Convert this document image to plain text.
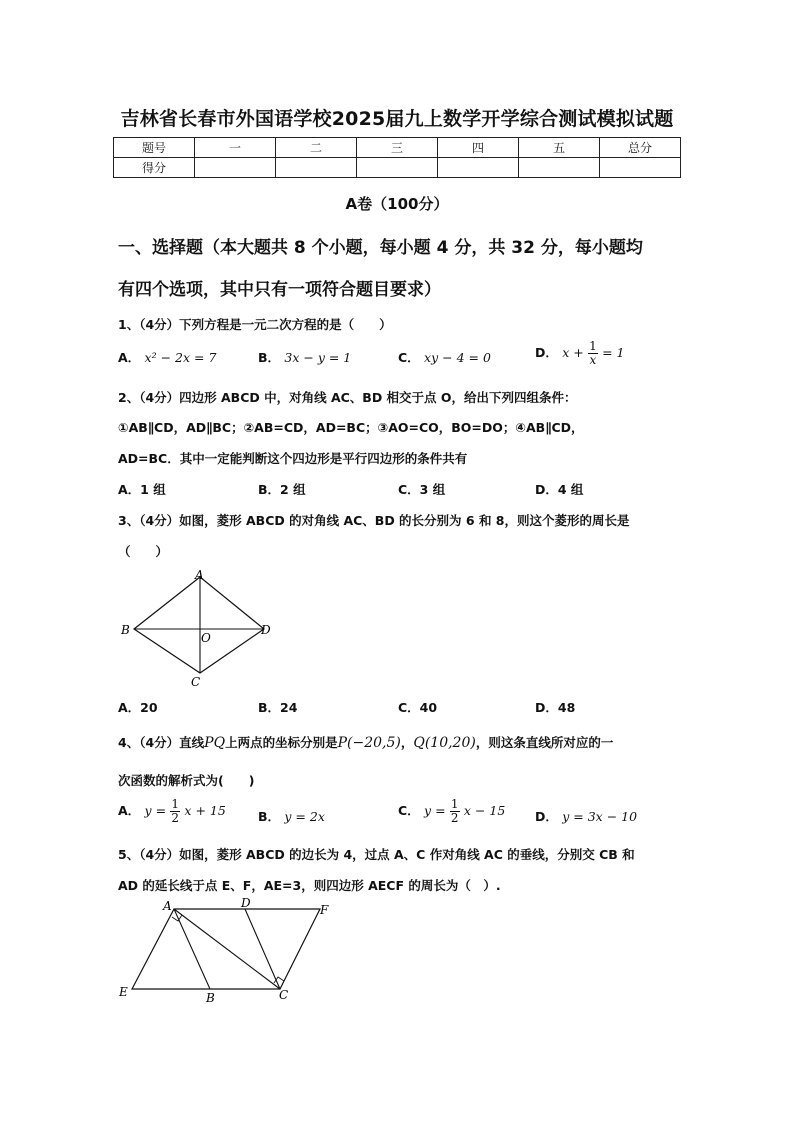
吉林省长春市外国语学校2025届九上数学开学综合测试模拟试题
题号	一	二	三	四	五	总分
得分						
A卷（100分）
一、选择题（本大题共 8 个小题，每小题 4 分，共 32 分，每小题均
有四个选项，其中只有一项符合题目要求）
1、（4分）下列方程是一元二次方程的是（　　）
A． x² − 2x = 7	B． 3x − y = 1	C． xy − 4 = 0	D． $x + \frac{1}{x} = 1$
2、（4分）四边形 ABCD 中，对角线 AC、BD 相交于点 O，给出下列四组条件：
①AB∥CD，AD∥BC；②AB=CD，AD=BC；③AO=CO，BO=DO；④AB∥CD，
AD=BC．其中一定能判断这个四边形是平行四边形的条件共有
A．1 组	B．2 组	C．3 组	D．4 组
3、（4分）如图，菱形 ABCD 的对角线 AC、BD 的长分别为 6 和 8，则这个菱形的周长是
（　　）
A
B
C
D
O
A．20	B．24	C．40	D．48
4、（4分）直线PQ上两点的坐标分别是P(−20,5)，Q(10,20)，则这条直线所对应的一
次函数的解析式为(　　)
A． $y = \frac{1}{2}$ x + 15	B． y = 2x	C． $y = \frac{1}{2}$ x − 15 D． y = 3x − 10
5、（4分）如图，菱形 ABCD 的边长为 4，过点 A、C 作对角线 AC 的垂线，分别交 CB 和
AD 的延长线于点 E、F，AE=3，则四边形 AECF 的周长为（　）.
A	D	F
E	B	C
